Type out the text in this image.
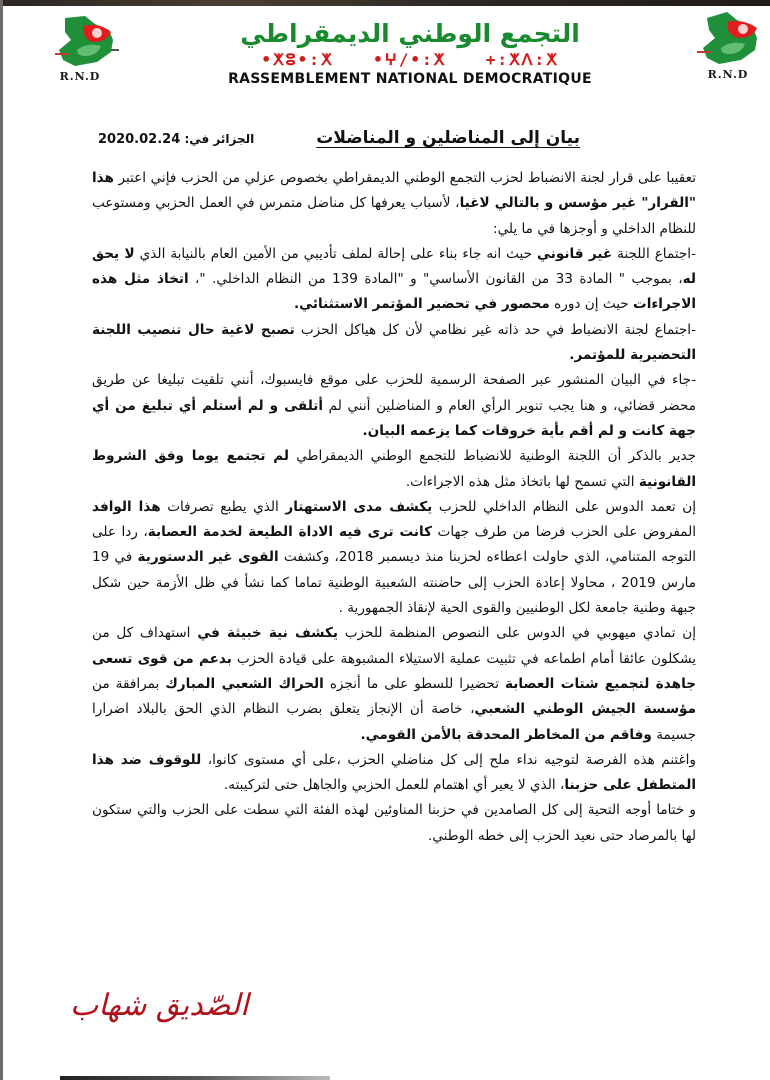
R.N.D	R.N.D
التجمع الوطني الديمقراطي
•ⵅⵓ•:ⵅ •ⵖ/•:ⵅ +:ⵅⴷ:ⵅ
RASSEMBLEMENT NATIONAL DEMOCRATIQUE
بيان إلى المناضلين و المناضلات
الجزائر في: 2020.02.24

تعقيبا على قرار لجنة الانضباط لحزب التجمع الوطني الديمقراطي بخصوص عزلي من الحزب فإني اعتبر هذا "القرار" غير مؤسس و بالتالي لاغيا، لأسباب يعرفها كل مناضل متمرس في العمل الحزبي ومستوعب للنظام الداخلي و أوجزها في ما يلي:

-اجتماع اللجنة غير قانوني حيث انه جاء بناء على إحالة لملف تأديبي من الأمين العام بالنيابة الذي لا يحق له، بموجب " المادة 33 من القانون الأساسي" و "المادة 139 من النظام الداخلي. "، اتخاذ مثل هذه الاجراءات حيث إن دوره محصور في تحضير المؤتمر الاستثنائي.

-اجتماع لجنة الانضباط في حد ذاته غير نظامي لأن كل هياكل الحزب تصبح لاغية حال تنصيب اللجنة التحضيرية للمؤتمر.

-جاء في البيان المنشور عبر الصفحة الرسمية للحزب على موقع فايسبوك، أنني تلقيت تبليغا عن طريق محضر قضائي، و هنا يجب تنوير الرأي العام و المناضلين أنني لم أتلقى و لم أستلم أي تبليغ من أي جهة كانت و لم أقم بأية خروقات كما يزعمه البيان.

جدير بالذكر أن اللجنة الوطنية للانضباط للتجمع الوطني الديمقراطي لم تجتمع يوما وفق الشروط القانونية التي تسمح لها باتخاذ مثل هذه الاجراءات.

إن تعمد الدوس على النظام الداخلي للحزب يكشف مدى الاستهتار الذي يطبع تصرفات هذا الوافد المفروض على الحزب فرضا من طرف جهات كانت ترى فيه الاداة الطيعة لخدمة العصابة، ردا على التوجه المتنامي، الذي حاولت اعطاءه لحزبنا منذ ديسمبر 2018، وكشفت القوى غير الدستورية في 19 مارس 2019 ، محاولا إعادة الحزب إلى حاضنته الشعبية الوطنية تماما كما نشأ في ظل الأزمة حين شكل جبهة وطنية جامعة لكل الوطنيين والقوى الحية لإنقاذ الجمهورية .

إن تمادي ميهوبي في الدوس على النصوص المنظمة للحزب يكشف نية خبيثة في استهداف كل من يشكلون عائقا أمام اطماعه في تثبيت عملية الاستيلاء المشبوهة على قيادة الحزب بدعم من قوى تسعى جاهدة لتجميع شتات العصابة تحضيرا للسطو على ما أنجزه الحراك الشعبي المبارك بمرافقة من مؤسسة الجيش الوطني الشعبي، خاصة أن الإنجاز يتعلق بضرب النظام الذي الحق بالبلاد اضرارا جسيمة وفاقم من المخاطر المحدقة بالأمن القومي.

واغتنم هذه الفرصة لتوجيه نداء ملح إلى كل مناضلي الحزب ،على أي مستوى كانوا، للوقوف ضد هذا المتطفل على حزبنا، الذي لا يعير أي اهتمام للعمل الحزبي والجاهل حتى لتركيبته.

و ختاما أوجه التحية إلى كل الصامدين في حزبنا المناوئين لهذه الفئة التي سطت على الحزب والتي ستكون لها بالمرصاد حتى نعيد الحزب إلى خطه الوطني.

الصّديق شهاب
